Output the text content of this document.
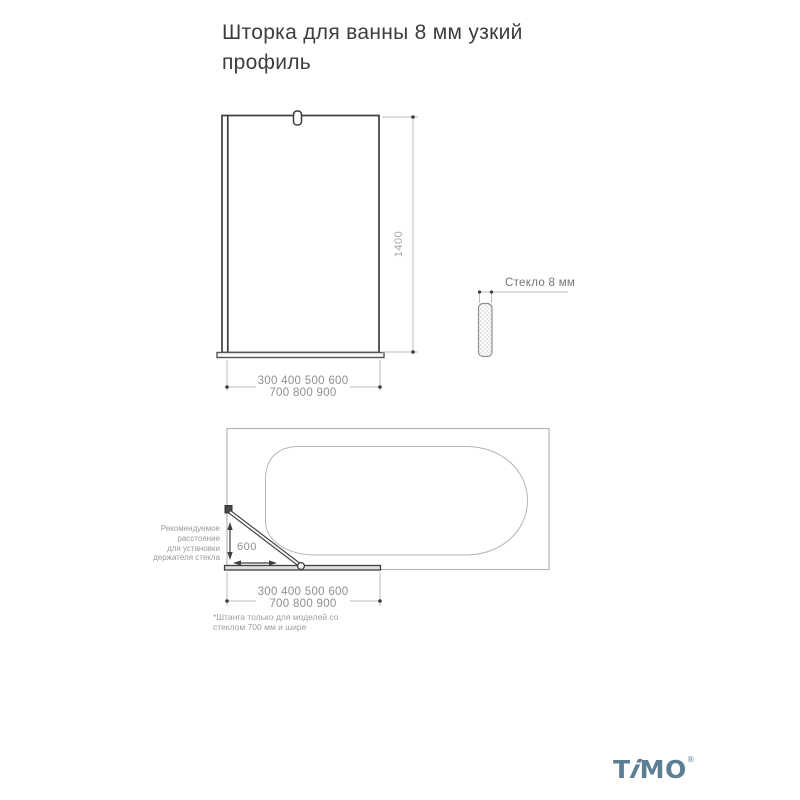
Шторка для ванны 8 мм узкий профиль
1400
300 400 500 600
700 800 900
Стекло 8 мм
600
Рекомендуемое
расстояние
для установки
держателя стекла
300 400 500 600
700 800 900
*Штанга только для моделей со
стеклом 700 мм и шире
TiMO®
